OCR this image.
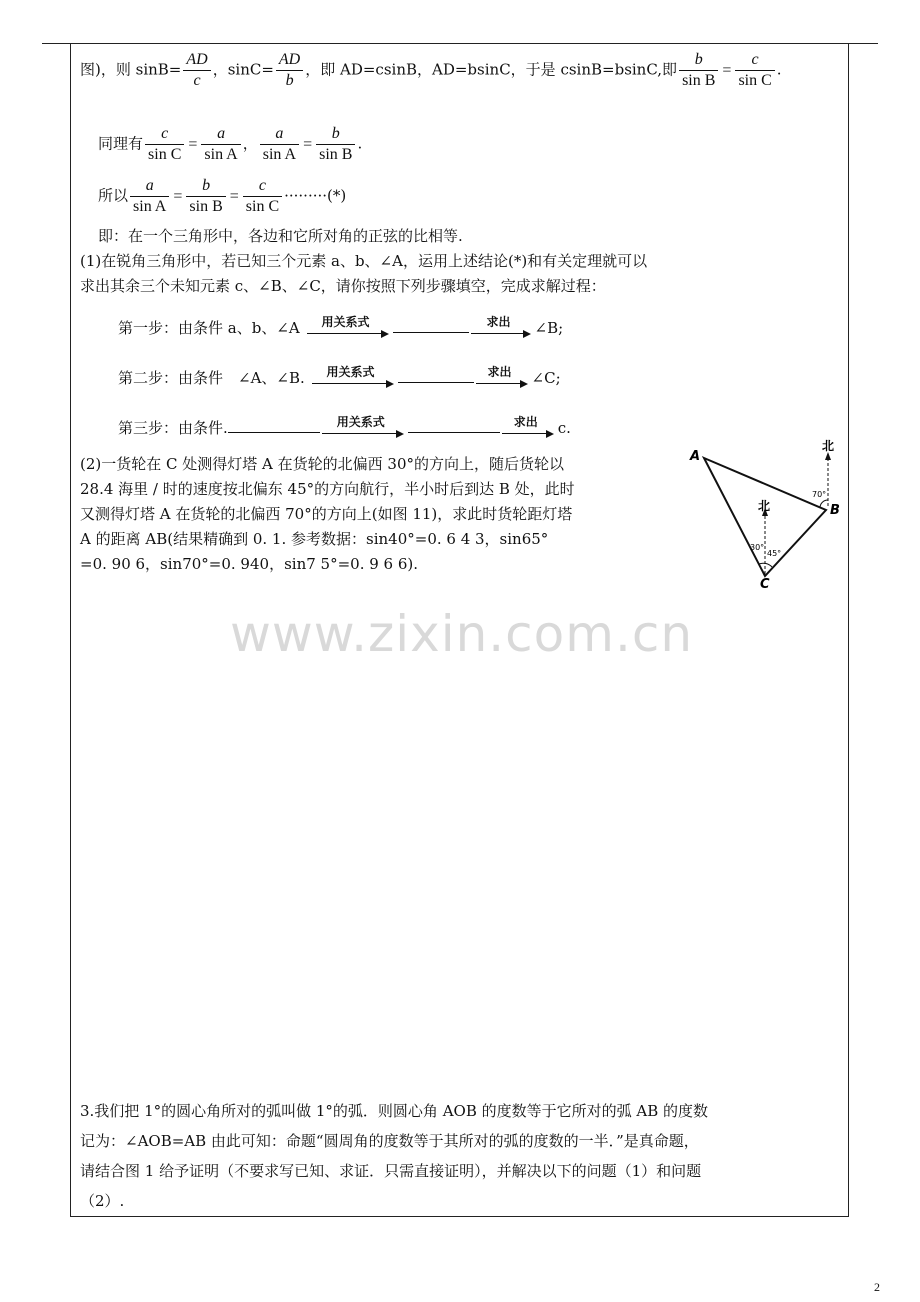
图)，则 $\sin B= \frac{AD}{c}$ ，$\sin C= \frac{AD}{b}$ ，即 AD=csinB，AD=bsinC，于是 csinB=bsinC,即 $\frac{b}{\text{sin B}} = \frac{c}{\text{sin C}}$ .
同理有 $\frac{c}{\text{sin C}} = \frac{a}{\text{sin A}}$ ， $\frac{a}{\text{sin A}} = \frac{b}{\text{sin B}}$ .
所以 $\frac{a}{\text{sin A}} = \frac{b}{\text{sin B}} = \frac{c}{\text{sin C}}$ ·········(*)
即：在一个三角形中，各边和它所对角的正弦的比相等.
(1)在锐角三角形中，若已知三个元素 a、b、∠A，运用上述结论(*)和有关定理就可以
求出其余三个未知元素 c、∠B、∠C，请你按照下列步骤填空，完成求解过程：
第一步：由条件 a、b、∠A	用关系式	求出	∠B;
第二步：由条件　∠A、∠B.	用关系式	求出	∠C;
第三步：由条件.	用关系式	求出	c.
(2)一货轮在 C 处测得灯塔 A 在货轮的北偏西 30°的方向上，随后货轮以
28.4 海里 / 时的速度按北偏东 45°的方向航行，半小时后到达 B 处，此时
又测得灯塔 A 在货轮的北偏西 70°的方向上(如图 11)，求此时货轮距灯塔
A 的距离 AB(结果精确到 0. 1. 参考数据：sin40°=0. 6 4 3，sin65°
=0. 90 6，sin70°=0. 940，sin7 5°=0. 9 6 6).
A
B
C
北
北
70°
30°
45°
www.zixin.com.cn
3.我们把 1°的圆心角所对的弧叫做 1°的弧．则圆心角 AOB 的度数等于它所对的弧 AB 的度数
记为：∠AOB=AB 由此可知：命题“圆周角的度数等于其所对的弧的度数的一半．”是真命题，
请结合图 1 给予证明（不要求写已知、求证．只需直接证明），并解决以下的问题（1）和问题
（2）.
2
